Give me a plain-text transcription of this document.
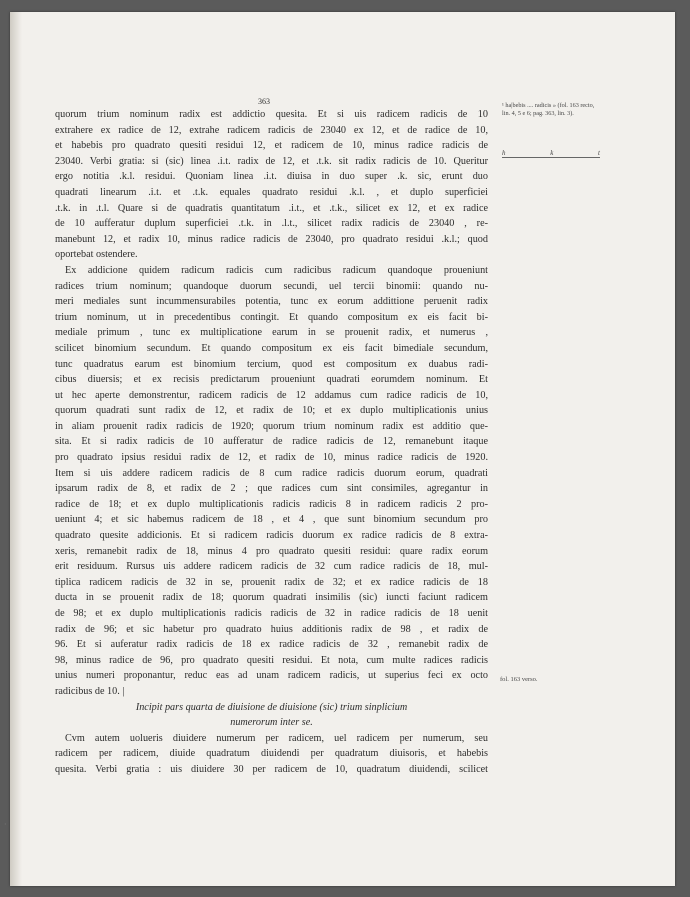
363
quorum trium nominum radix est addictio quesita. Et si uis radicem radicis de 10
extrahere ex radice de 12, extrahe radicem radicis de 23040 ex 12, et de radice de 10,
et habebis pro quadrato quesiti residui 12, et radicem de 10, minus radice radicis de
23040. Verbi gratia: si (sic) linea .i.t. radix de 12, et .t.k. sit radix radicis de 10. Queritur
ergo notitia .k.l. residui. Quoniam linea .i.t. diuisa in duo super .k. sic, erunt duo
quadrati linearum .i.t. et .t.k. equales quadrato residui .k.l. , et duplo superficiei
.t.k. in .t.l. Quare si de quadratis quantitatum .i.t., et .t.k., silicet ex 12, et ex radice
de 10 aufferatur duplum superficiei .t.k. in .l.t., silicet radix radicis de 23040 , re-
manebunt 12, et radix 10, minus radice radicis de 23040, pro quadrato residui .k.l.; quod
oportebat ostendere.
Ex addicione quidem radicum radicis cum radicibus radicum quandoque proueniunt
radices trium nominum; quandoque duorum secundi, uel tercii binomii: quando nu-
meri mediales sunt incummensurabiles potentia, tunc ex eorum addittione peruenit radix
trium nominum, ut in precedentibus contingit. Et quando compositum ex eis facit bi-
mediale primum , tunc ex multiplicatione earum in se prouenit radix, et numerus ,
scilicet binomium secundum. Et quando compositum ex eis facit bimediale secundum,
tunc quadratus earum est binomium tercium, quod est compositum ex duabus radi-
cibus diuersis; et ex recisis predictarum proueniunt quadrati eorumdem nominum. Et
ut hec aperte demonstrentur, radicem radicis de 12 addamus cum radice radicis de 10,
quorum quadrati sunt radix de 12, et radix de 10; et ex duplo multiplicationis unius
in aliam prouenit radix radicis de 1920; quorum trium nominum radix est additio que-
sita. Et si radix radicis de 10 aufferatur de radice radicis de 12, remanebunt itaque
pro quadrato ipsius residui radix de 12, et radix de 10, minus radice radicis de 1920.
Item si uis addere radicem radicis de 8 cum radice radicis duorum eorum, quadrati
ipsarum radix de 8, et radix de 2 ; que radices cum sint consimiles, agregantur in
radice de 18; et ex duplo multiplicationis radicis radicis 8 in radicem radicis 2 pro-
ueniunt 4; et sic habemus radicem de 18 , et 4 , que sunt binomium secundum pro
quadrato quesite addicionis. Et si radicem radicis duorum ex radice radicis de 8 extra-
xeris, remanebit radix de 18, minus 4 pro quadrato quesiti residui: quare radix eorum
erit residuum. Rursus uis addere radicem radicis de 32 cum radice radicis de 18, mul-
tiplica radicem radicis de 32 in se, prouenit radix de 32; et ex radice radicis de 18
ducta in se prouenit radix de 18; quorum quadrati insimilis (sic) iuncti faciunt radicem
de 98; et ex duplo multiplicationis radicis radicis de 32 in radice radicis de 18 uenit
radix de 96; et sic habetur pro quadrato huius additionis radix de 98 , et radix de
96. Et si auferatur radix radicis de 18 ex radice radicis de 32 , remanebit radix de
98, minus radice de 96, pro quadrato quesiti residui. Et nota, cum multe radices radicis
unius numeri proponantur, reduc eas ad unam radicem radicis, ut superius feci ex octo
radicibus de 10. |
Incipit pars quarta de diuisione de diuisione (sic) trium sinplicium
numerorum inter se.
Cvm autem uolueris diuidere numerum per radicem, uel radicem per numerum, seu
radicem per radicem, diuide quadratum diuidendi per quadratum diuisoris, et habebis
quesita. Verbi gratia : uis diuidere 30 per radicem de 10, quadratum diuidendi, scilicet
¹ ha|bebis .... radicis » (fol. 163 recto, lin. 4, 5 e 6; pag. 363, lin. 3).
h	k	t
fol. 163 verso.
·
